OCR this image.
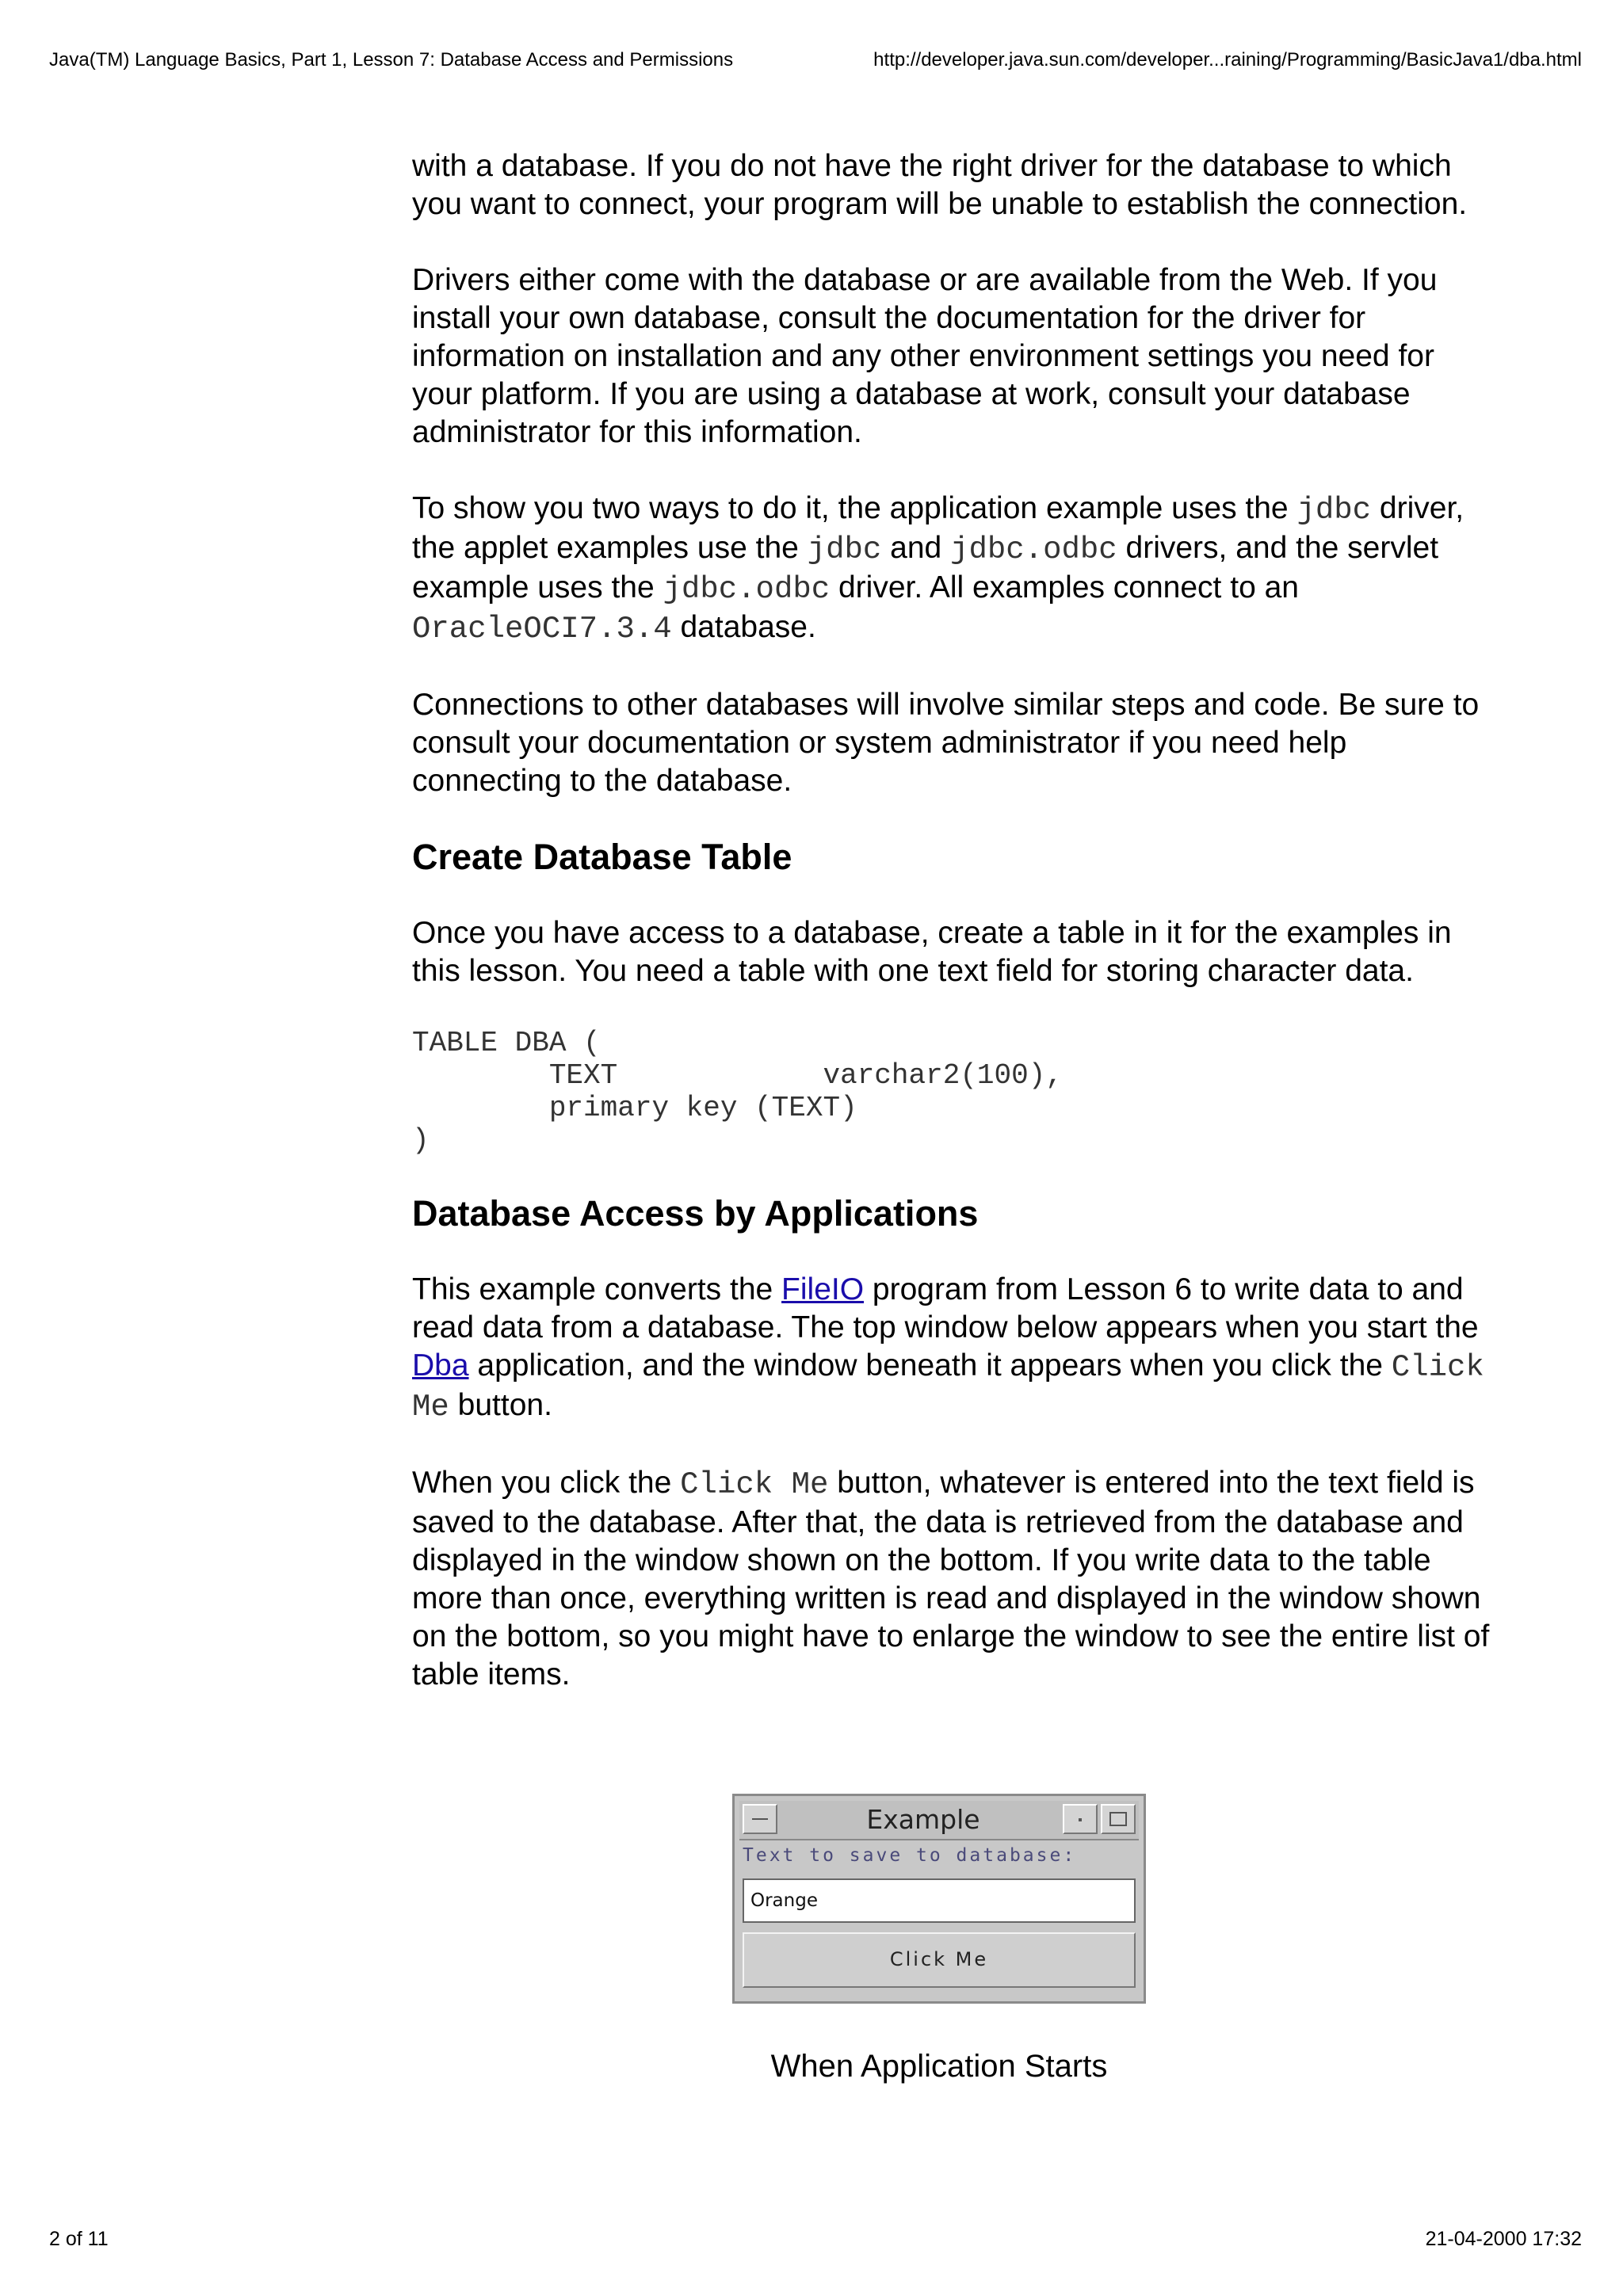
Java(TM) Language Basics, Part 1, Lesson 7: Database Access and Permissions	http://developer.java.sun.com/developer...raining/Programming/BasicJava1/dba.html

with a database. If you do not have the right driver for the database to which you want to connect, your program will be unable to establish the connection.

Drivers either come with the database or are available from the Web. If you install your own database, consult the documentation for the driver for information on installation and any other environment settings you need for your platform. If you are using a database at work, consult your database administrator for this information.

To show you two ways to do it, the application example uses the jdbc driver, the applet examples use the jdbc and jdbc.odbc drivers, and the servlet example uses the jdbc.odbc driver. All examples connect to an
OracleOCI7.3.4 database.

Connections to other databases will involve similar steps and code. Be sure to consult your documentation or system administrator if you need help connecting to the database.

Create Database Table

Once you have access to a database, create a table in it for the examples in this lesson. You need a table with one text field for storing character data.

TABLE DBA (
TEXT            varchar2(100),
primary key (TEXT)
)
Database Access by Applications

This example converts the FileIO program from Lesson 6 to write data to and read data from a database. The top window below appears when you start the Dba application, and the window beneath it appears when you click the Click Me button.

When you click the Click Me button, whatever is entered into the text field is saved to the database. After that, the data is retrieved from the database and displayed in the window shown on the bottom. If you write data to the table more than once, everything written is read and displayed in the window shown on the bottom, so you might have to enlarge the window to see the entire list of table items.

Example
Text to save to database:
Orange
Click Me
When Application Starts
2 of 11	21-04-2000 17:32
